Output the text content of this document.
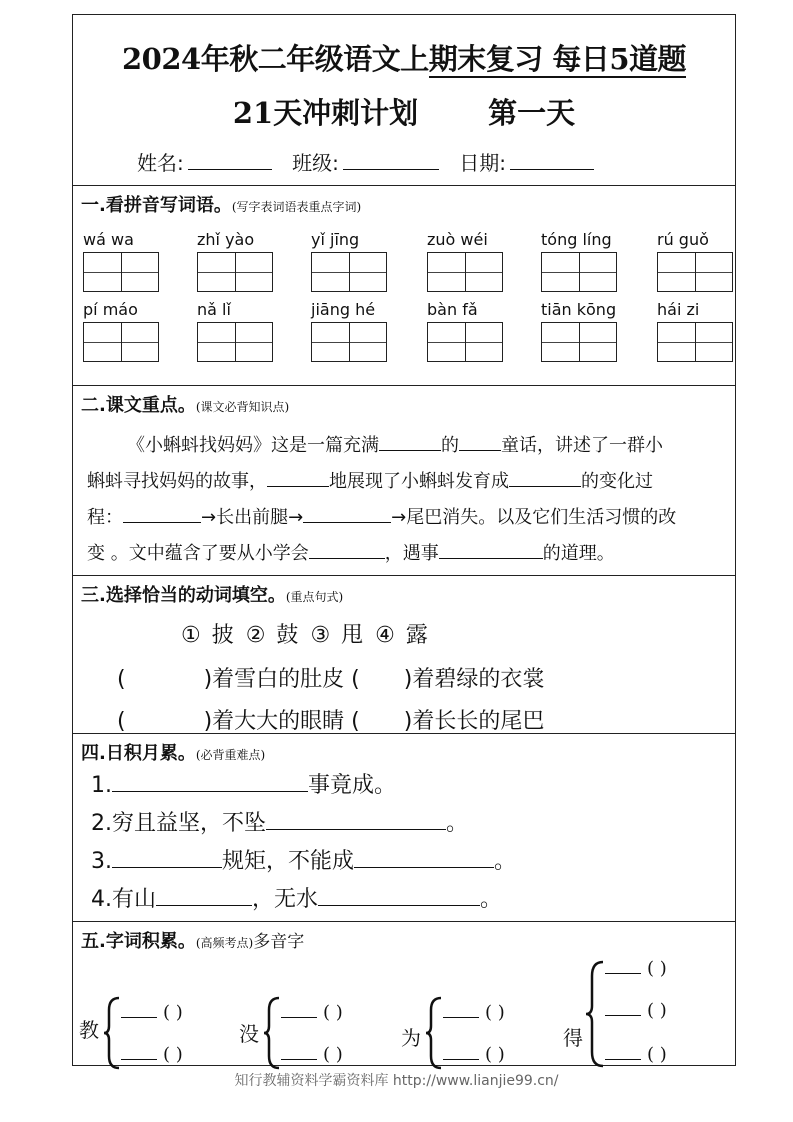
2024年秋二年级语文上期末复习 每日5道题
21天冲刺计划 第一天
姓名:	班级:	日期:
一.看拼音写词语。(写字表词语表重点字词)
wá wa	zhǐ yào	yǐ jīng	zuò wéi	tóng líng	rú guǒ
pí máo	nǎ lǐ	jiāng hé	bàn fǎ	tiān kōng	hái zi
二.课文重点。(课文必背知识点)
《小蝌蚪找妈妈》这是一篇充满	的 童话，讲述了一群小
蝌蚪寻找妈妈的故事，	地展现了小蝌蚪发育成	的变化过
程：	→长出前腿→	→尾巴消失。以及它们生活习惯的改
变 。文中蕴含了要从小学会	，遇事	的道理。
三.选择恰当的动词填空。(重点句式)
① 披 ② 鼓 ③ 甩 ④ 露
(	)着雪白的肚皮 ( )着碧绿的衣裳
(	)着大大的眼睛 ( )着长长的尾巴
四.日积月累。(必背重难点)
1.	事竟成。
2.穷且益坚，不坠	。
3.	规矩，不能成	。
4.有山	，无水	。
五.字词积累。(高频考点)多音字
教
( )
( )
没
( )
( )
为
( )
( )
得
( )
( )
( )
知行教辅资料学霸资料库 http://www.lianjie99.cn/
